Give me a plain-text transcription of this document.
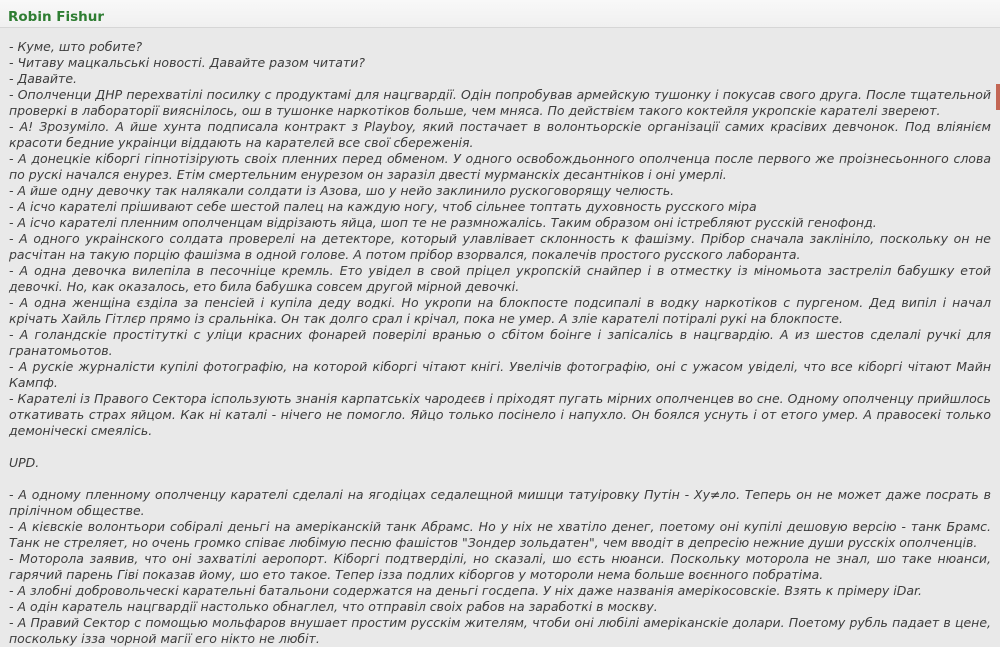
Robin Fishur

- Куме, што робите?

- Читаву мацкальські новості. Давайте разом читати?

- Давайте.

- Ополченци ДНР перехватілі посилку с продуктамі для нацгвардії. Одін попробував армейскую тушонку і покусав свого друга. После тщательной проверкі в лабораторії вияснілось, ош в тушонке наркотіков больше, чем мняса. По действієм такого коктейля укропскіе карателі звереют.

- А! Зрозуміло. А йше хунта подписала контракт з Playboy, який постачает в волонтьорскіе організації самих красівих девчонок. Под вліянієм красоти бедние украінци віддають на карателєй все свої сбереженія.

- А донецкіе кіборгі гіпнотізірують своіх пленних перед обменом. У одного освобождьонного ополченца после первого же проізнесьонного слова по рускі начался енурез. Етім смертельним енурезом он заразіл двесті мурманскіх десантніков і оні умерлі.

- А йше одну девочку так налякали солдати із Азова, шо у нейо заклинило рускоговорящу челюсть.

- А ісчо карателі прішивают себе шестой палец на каждую ногу, чтоб сільнее топтать духовность русского міра

- А ісчо карателі пленним ополченцам відрізають яйца, шоп те не размножалісь. Таким образом оні істребляют русскій генофонд.

- А одного украінского солдата проверелі на детекторе, который улавлівает склонность к фашізму. Прібор сначала заклініло, поскольку он не расчітан на такую порцію фашізма в одной голове. А потом прібор взорвался, покалечів простого русского лаборанта.

- А одна девочка вилепіла в песочніце кремль. Ето увідел в свой пріцел укропскій снайпер і в отместку із міномьота застреліл бабушку етой девочкі. Но, как оказалось, ето била бабушка совсем другой мірной девочкі.

- А одна женщіна єзділа за пенсіей і купіла деду водкі. Но укропи на блокпосте подсипалі в водку наркотіков с пургеном. Дед випіл і начал крічать Хайль Гітлєр прямо із сральніка. Он так долго срал і крічал, пока не умер. А зліе карателі потіралі рукі на блокпосте.

- А голандскіе простітуткі с уліци красних фонарей поверілі вранью о сбітом боінге і запісалісь в нацгвардію. А из шестов сделалі ручкі для гранатомьотов.

- А рускіе журналісти купілі фотографію, на которой кіборгі чітают кнігі. Увелічів фотографію, оні с ужасом увіделі, что все кіборгі чітают Майн Кампф.

- Карателі із Правого Сектора іспользують знанія карпатськіх чародеєв і пріходят пугать мірних ополченцев во сне. Одному ополченцу прийшлось откативать страх яйцом. Как ні каталі - нічего не помогло. Яйцо только посінело і напухло. Он боялся уснуть і от етого умер. А правосекі только демоніческі смеялісь.

UPD.

- А одному пленному ополченцу карателі сделалі на ягодіцах седалещной мишци татуіровку Путін - Ху≠ло. Теперь он не может даже посрать в прілічном обществе.

- А кієвскіе волонтьори собіралі деньгі на амеріканскій танк Абрамс. Но у ніх не хватіло денег, поетому оні купілі дешовую версію - танк Брамс. Танк не стреляет, но очень громко співає любімую песню фашістов "Зондер зольдатен", чем вводіт в депресію нежние души русскіх ополченців.

- Моторола заявив, что оні захватілі аеропорт. Кіборгі подтверділі, но сказалі, шо єсть нюанси. Поскольку моторола не знал, шо таке нюанси, гарячий парень Гіві показав йому, шо ето такое. Тепер ізза подлих кіборгов у мотороли нема больше воєнного побратіма.

- А злобні добровольческі карательні батальони содержатся на деньгі госдепа. У ніх даже названія амерікосовскіе. Взять к прімеру iDar.

- А одін каратель нацгвардії настолько обнаглел, что отправіл своіх рабов на заработкі в москву.

- А Правий Сектор с помощью мольфаров внушает простим русскім жителям, чтоби оні любілі амеріканскіе долари. Поетому рубль падает в цене, поскольку ізза чорной магії его нікто не любіт.
